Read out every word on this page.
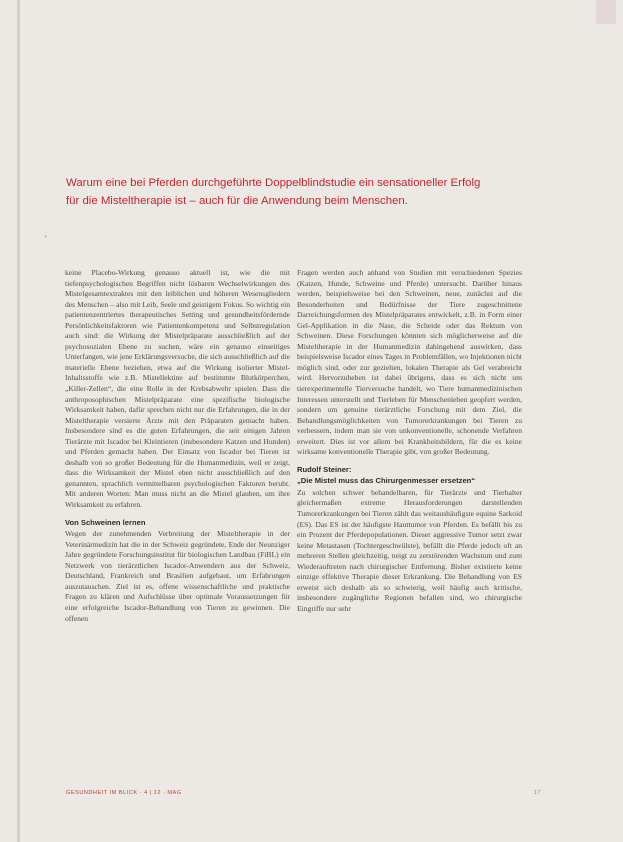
Warum eine bei Pferden durchgeführte Doppelblindstudie ein sensationeller Erfolg
für die Misteltherapie ist – auch für die Anwendung beim Menschen.
'

keine Placebo-Wirkung genauso aktuell ist, wie die mit tiefenpsychologischen Begriffen nicht lösbaren Wechselwirkungen des Mistelgesamtextraktes mit den leiblichen und höheren Wesensgliedern des Menschen – also mit Leib, Seele und geistigem Fokus. So wichtig ein patientenzentriertes therapeutisches Setting und gesundheitsfördernde Persönlichkeitsfaktoren wie Patientenkompetenz und Selbstregulation auch sind: die Wirkung der Mistelpräparate ausschließlich auf der psychosozialen Ebene zu suchen, wäre ein genauso einseitiges Unterfangen, wie jene Erklärungsversuche, die sich ausschließlich auf die materielle Ebene beziehen, etwa auf die Wirkung isolierter Mistel-Inhaltsstoffe wie z.B. Mistellektine auf bestimmte Blutkörperchen, „Killer-Zellen“, die eine Rolle in der Krebsabwehr spielen. Dass die anthroposophischen Mistelpräparate eine spezifische biologische Wirksamkeit haben, dafür sprechen nicht nur die Erfahrungen, die in der Misteltherapie versierte Ärzte mit den Präparaten gemacht haben. Insbesondere sind es die guten Erfahrungen, die seit einigen Jahren Tierärzte mit Iscador bei Kleintieren (insbesondere Katzen und Hunden) und Pferden gemacht haben. Der Einsatz von Iscador bei Tieren ist deshalb von so großer Bedeutung für die Humanmedizin, weil er zeigt, dass die Wirksamkeit der Mistel eben nicht ausschließlich auf den genannten, sprachlich vermittelbaren psychologischen Faktoren beruht. Mit anderen Worten: Man muss nicht an die Mistel glauben, um ihre Wirksamkeit zu erfahren.

Von Schweinen lernen

Wegen der zunehmenden Verbreitung der Misteltherapie in der Veterinärmedizin hat die in der Schweiz gegründete, Ende der Neunziger Jahre gegründete Forschungsinstitut für biologischen Landbau (FiBL) ein Netzwerk von tierärztlichen Iscador-Anwendern aus der Schweiz, Deutschland, Frankreich und Brasilien aufgebaut, um Erfahrungen auszutauschen. Ziel ist es, offene wissenschaftliche und praktische Fragen zu klären und Aufschlüsse über optimale Voraussetzungen für eine erfolgreiche Iscador-Behandlung von Tieren zu gewinnen. Die offenen

Fragen werden auch anhand von Studien mit verschiedenen Spezies (Katzen, Hunde, Schweine und Pferde) untersucht. Darüber hinaus werden, beispielsweise bei den Schweinen, neue, zunächst auf die Besonderheiten und Bedürfnisse der Tiere zugeschnittene Darreichungsformen des Mistelpräparates entwickelt, z.B. in Form einer Gel-Applikation in die Nase, die Scheide oder das Rektum von Schweinen. Diese Forschungen könnten sich möglicherweise auf die Misteltherapie in der Humanmedizin dahingehend auswirken, dass beispielsweise Iscador eines Tages in Problemfällen, wo Injektionen nicht möglich sind, oder zur gezielten, lokalen Therapie als Gel verabreicht wird. Hervorzuheben ist dabei übrigens, dass es sich nicht um tierexperimentelle Tierversuche handelt, wo Tiere humanmedizinischen Interessen unterstellt und Tierleben für Menschenleben geopfert werden, sondern um genuine tierärztliche Forschung mit dem Ziel, die Behandlungsmöglichkeiten von Tumorerkrankungen bei Tieren zu verbessern, indem man sie von unkonventionelle, schonende Verfahren erweitert. Dies ist vor allem bei Krankheitsbildern, für die es keine wirksame konventionelle Therapie gibt, von großer Bedeutung.

Rudolf Steiner:
„Die Mistel muss das Chirurgenmesser ersetzen“

Zu solchen schwer behandelbaren, für Tierärzte und Tierhalter gleichermaßen extreme Herausforderungen darstellenden Tumorerkrankungen bei Tieren zählt das weitaushäufigste equine Sarkoid (ES). Das ES ist der häufigste Hauttumor von Pferden. Es befällt bis zu ein Prozent der Pferdepopulationen. Dieser aggressive Tumor setzt zwar keine Metastasen (Tochtergeschwülste), befällt die Pferde jedoch oft an mehreren Stellen gleichzeitig, neigt zu zerstörenden Wachstum und zum Wiederauftreten nach chirurgischer Entfernung. Bisher existierte keine einzige effektive Therapie dieser Erkrankung. Die Behandlung von ES erweist sich deshalb als so schwierig, weil häufig auch kritische, insbesondere zugängliche Regionen befallen sind, wo chirurgische Eingriffe nur sehr

GESUNDHEIT IM BLICK · 4 | 12 · MAG	17
